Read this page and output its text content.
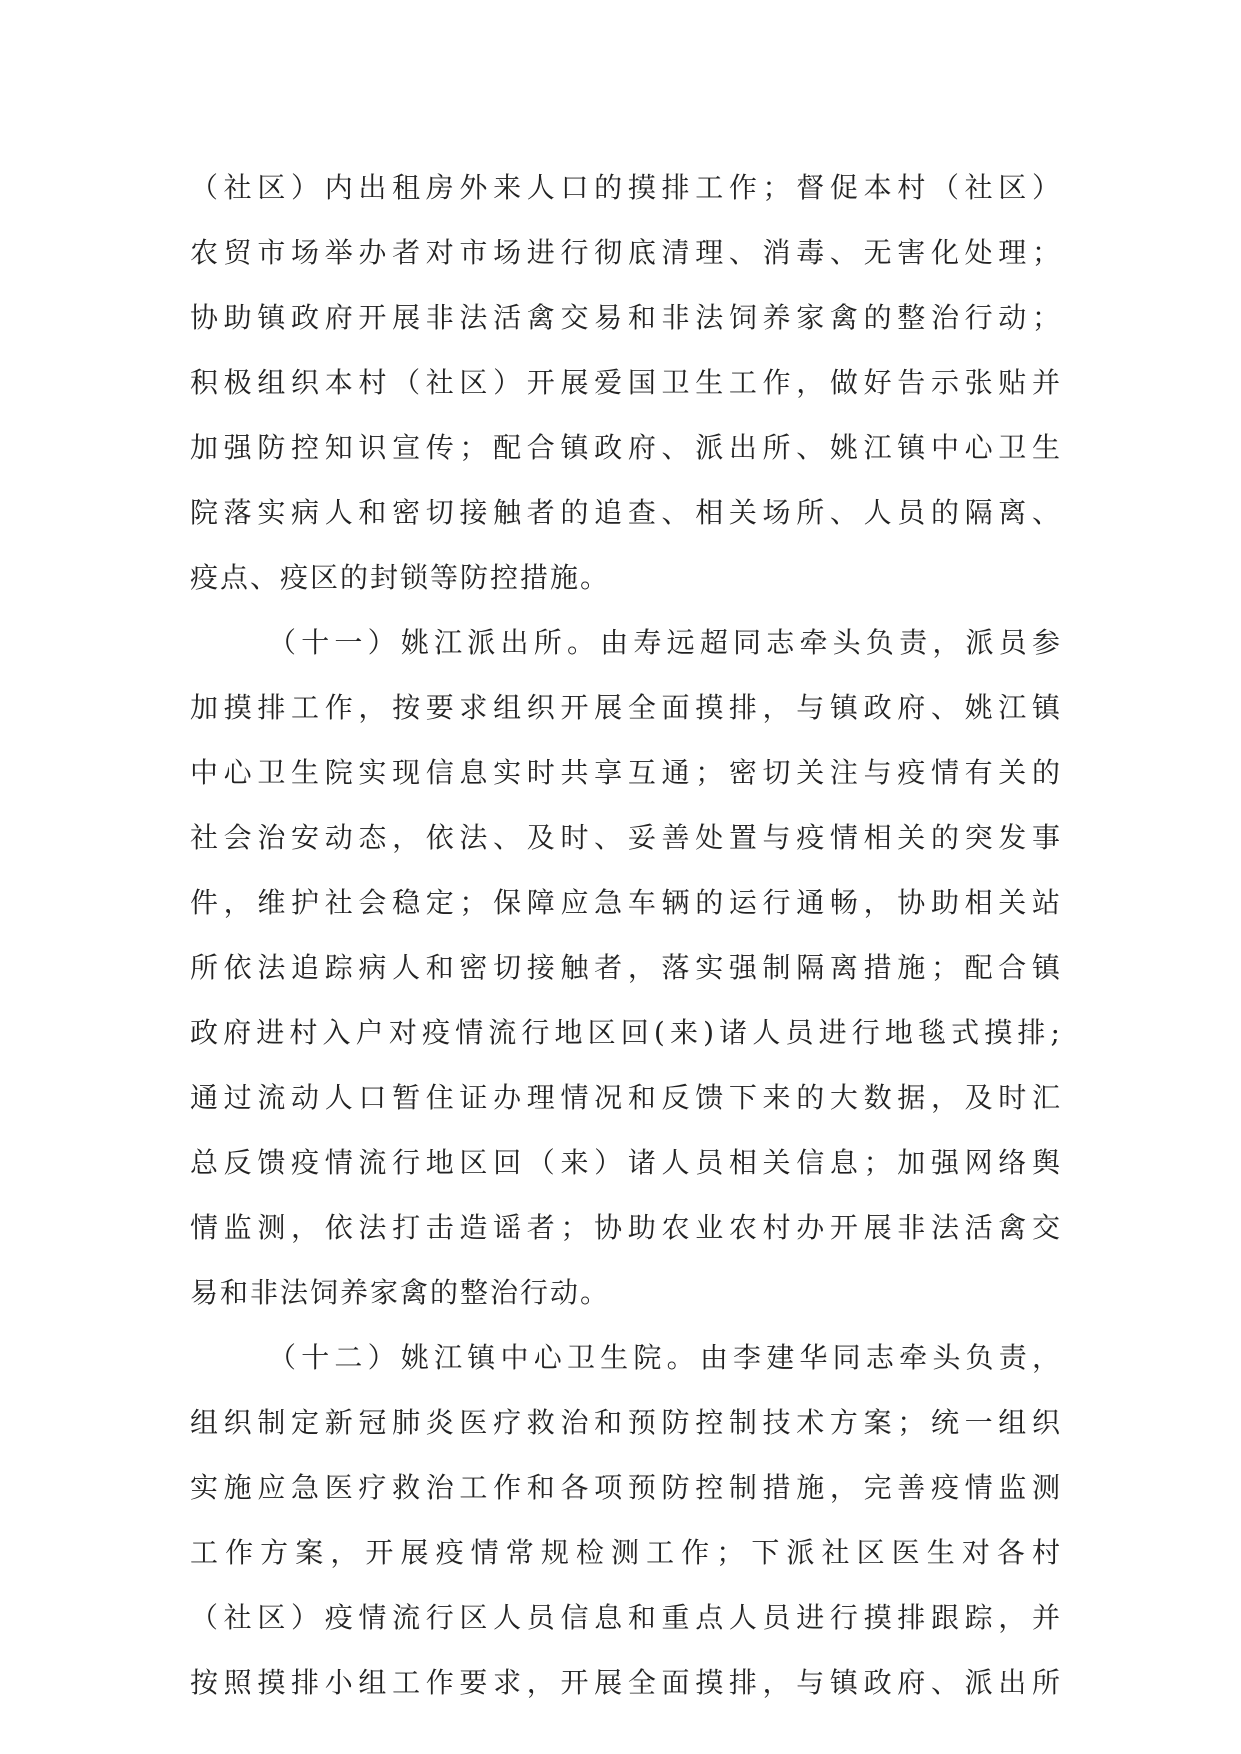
（社区）内出租房外来人口的摸排工作；督促本村（社区）
农贸市场举办者对市场进行彻底清理、消毒、无害化处理；
协助镇政府开展非法活禽交易和非法饲养家禽的整治行动；
积极组织本村（社区）开展爱国卫生工作，做好告示张贴并
加强防控知识宣传；配合镇政府、派出所、姚江镇中心卫生
院落实病人和密切接触者的追查、相关场所、人员的隔离、
疫点、疫区的封锁等防控措施。
（十一）姚江派出所。由寿远超同志牵头负责，派员参
加摸排工作，按要求组织开展全面摸排，与镇政府、姚江镇
中心卫生院实现信息实时共享互通；密切关注与疫情有关的
社会治安动态，依法、及时、妥善处置与疫情相关的突发事
件，维护社会稳定；保障应急车辆的运行通畅，协助相关站
所依法追踪病人和密切接触者，落实强制隔离措施；配合镇
政府进村入户对疫情流行地区回(来)诸人员进行地毯式摸排;
通过流动人口暂住证办理情况和反馈下来的大数据，及时汇
总反馈疫情流行地区回（来）诸人员相关信息；加强网络舆
情监测，依法打击造谣者；协助农业农村办开展非法活禽交
易和非法饲养家禽的整治行动。
（十二）姚江镇中心卫生院。由李建华同志牵头负责，
组织制定新冠肺炎医疗救治和预防控制技术方案；统一组织
实施应急医疗救治工作和各项预防控制措施，完善疫情监测
工作方案，开展疫情常规检测工作；下派社区医生对各村
（社区）疫情流行区人员信息和重点人员进行摸排跟踪，并
按照摸排小组工作要求，开展全面摸排，与镇政府、派出所
